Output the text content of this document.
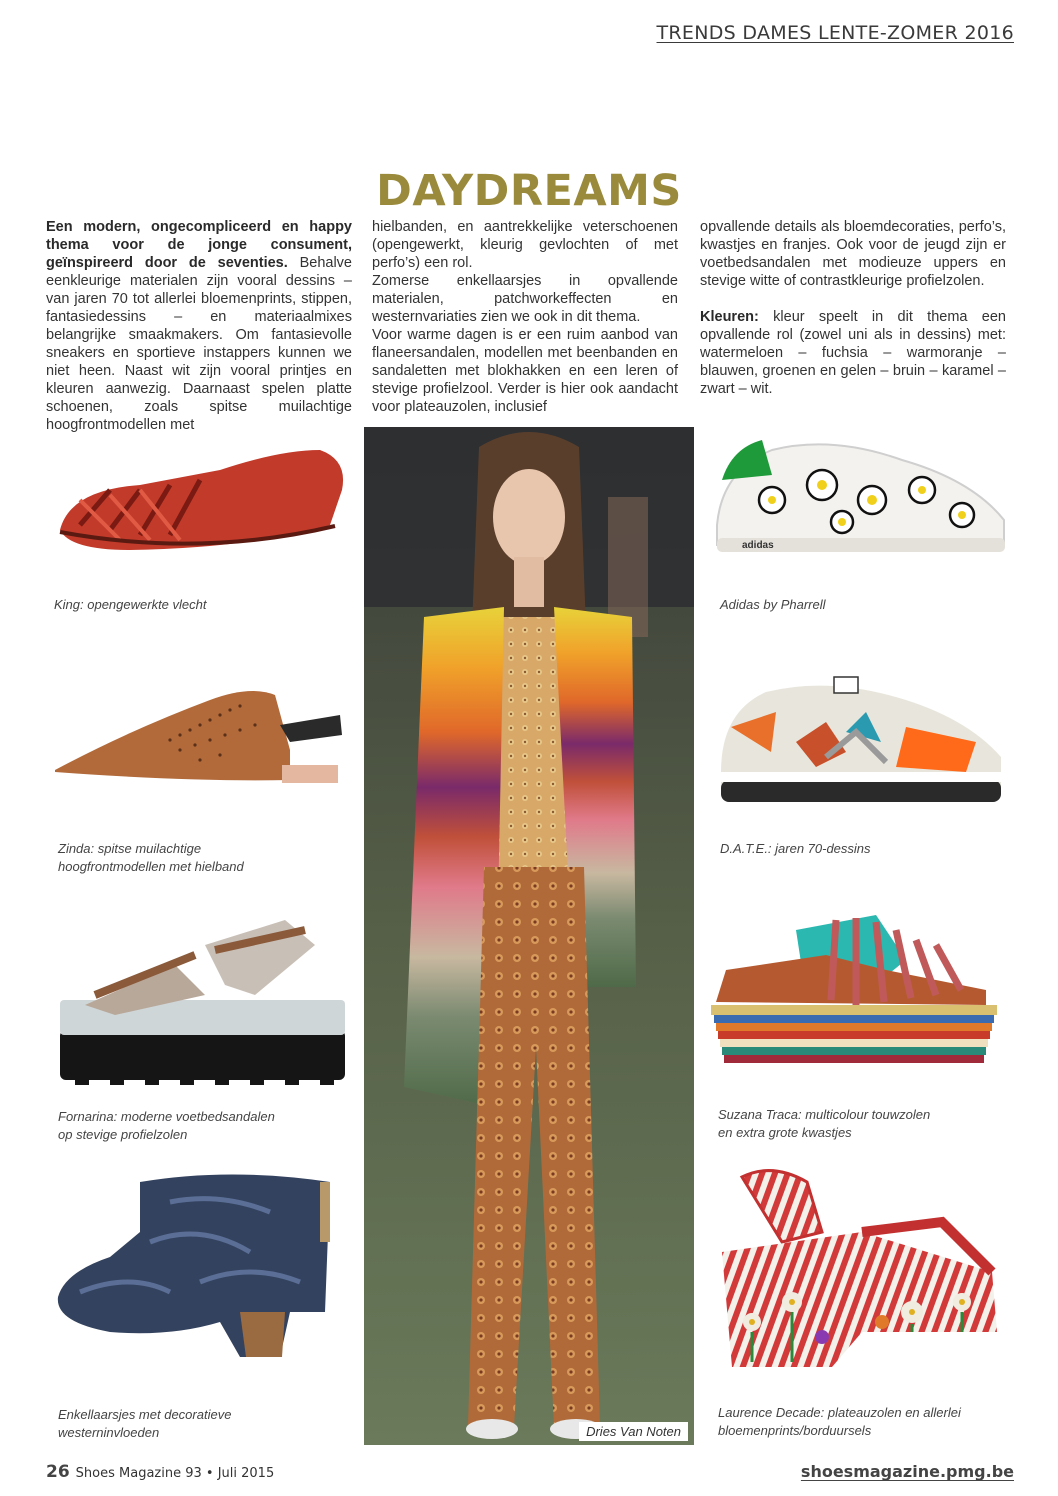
TRENDS DAMES LENTE-ZOMER 2016
DAYDREAMS

Een modern, ongecompliceerd en happy thema voor de jonge consument, geïnspireerd door de seventies. Behalve eenkleurige materialen zijn vooral dessins – van jaren 70 tot allerlei bloemenprints, stippen, fantasiedessins – en materiaalmixes belangrijke smaakmakers. Om fantasievolle sneakers en sportieve instappers kunnen we niet heen. Naast wit zijn vooral printjes en kleuren aanwezig. Daarnaast spelen platte schoenen, zoals spitse muilachtige hoogfrontmodellen met

hielbanden, en aantrekkelijke veterschoenen (opengewerkt, kleurig gevlochten of met perfo’s) een rol.

Zomerse enkellaarsjes in opvallende materialen, patchworkeffecten en westernvariaties zien we ook in dit thema.

Voor warme dagen is er een ruim aanbod van flaneersandalen, modellen met beenbanden en sandaletten met blokhakken en een leren of stevige profielzool. Verder is hier ook aandacht voor plateauzolen, inclusief

opvallende details als bloemdecoraties, perfo’s, kwastjes en franjes. Ook voor de jeugd zijn er voetbedsandalen met modieuze uppers en stevige witte of contrastkleurige profielzolen.

Kleuren: kleur speelt in dit thema een opvallende rol (zowel uni als in dessins) met: watermeloen – fuchsia – warmoranje – blauwen, groenen en gelen – bruin – karamel – zwart – wit.

Dries Van Noten
King: opengewerkte vlecht
Zinda: spitse muilachtige
hoogfrontmodellen met hielband
Fornarina: moderne voetbedsandalen
op stevige profielzolen
Enkellaarsjes met decoratieve
westerninvloeden
adidas
Adidas by Pharrell
D.A.T.E.: jaren 70-dessins
Suzana Traca: multicolour touwzolen
en extra grote kwastjes
Laurence Decade: plateauzolen en allerlei
bloemenprints/borduursels
26 Shoes Magazine 93 • Juli 2015	shoesmagazine.pmg.be
